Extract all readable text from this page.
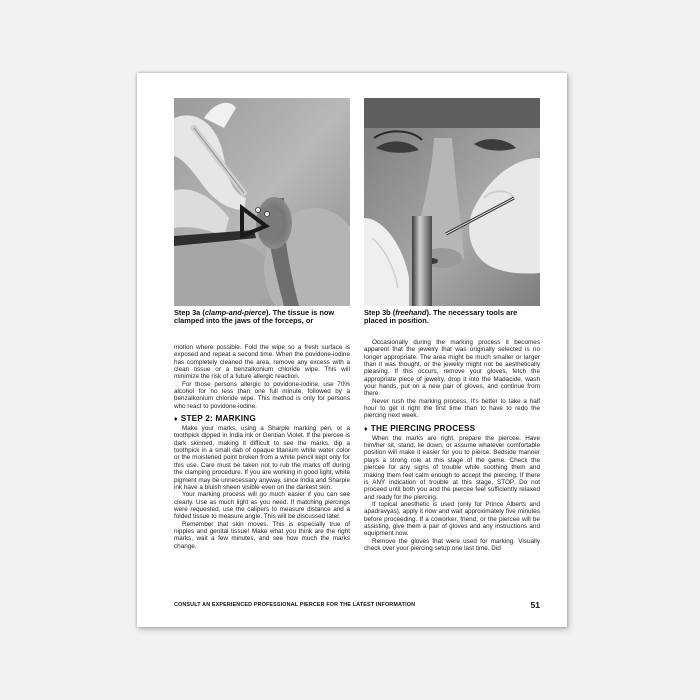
Step 3a (clamp-and-pierce). The tissue is now clamped into the jaws of the forceps, or
Step 3b (freehand). The necessary tools are placed in position.

motion where possible. Fold the wipe so a fresh surface is exposed and repeat a second time. When the povidone-iodine has completely cleaned the area, remove any excess with a clean tissue or a benzalkonium chloride wipe. This will minimize the risk of a future allergic reaction.

For those persons allergic to povidone-iodine, use 70% alcohol for no less than one full minute, followed by a benzalkonium chloride wipe. This method is only for persons who react to povidone-iodine.

♦ STEP 2: MARKING

Make your marks, using a Sharpie marking pen, or a toothpick dipped in India ink or Gentian Violet. If the piercee is dark skinned, making it difficult to see the marks, dip a toothpick in a small dab of opaque titanium white water color or the moistened point broken from a white pencil kept only for this use. Care must be taken not to rub the marks off during the clamping procedure. If you are working in good light, white pigment may be unnecessary anyway, since India and Sharpie ink have a bluish sheen visible even on the darkest skin.

Your marking process will go much easier if you can see clearly. Use as much light as you need. If matching piercings were requested, use the calipers to measure distance and a folded tissue to measure angle. This will be discussed later.

Remember that skin moves. This is especially true of nipples and genital tissue! Make what you think are the right marks, wait a few minutes, and see how much the marks change.

Occasionally during the marking process it becomes apparent that the jewelry that was originally selected is no longer appropriate. The area might be much smaller or larger than it was thought, or the jewelry might not be aesthetically pleasing. If this occurs, remove your gloves, fetch the appropriate piece of jewelry, drop it into the Madacide, wash your hands, put on a new pair of gloves, and continue from there.

Never rush the marking process. It's better to take a half hour to get it right the first time than to have to redo the piercing next week.

♦ THE PIERCING PROCESS

When the marks are right, prepare the piercee. Have him/her sit, stand, lie down, or assume whatever comfortable position will make it easier for you to pierce. Bedside manner plays a strong role at this stage of the game. Check the piercee for any signs of trouble while soothing them and making them feel calm enough to accept the piercing. If there is ANY indication of trouble at this stage, STOP. Do not proceed until both you and the piercee feel sufficiently relaxed and ready for the piercing.

If topical anesthetic is used (only for Prince Alberts and apadravyas), apply it now and wait approximately five minutes before proceeding. If a coworker, friend, or the piercee will be assisting, give them a pair of gloves and any instructions and equipment now.

Remove the gloves that were used for marking. Visually check over your piercing setup one last time. Did

CONSULT AN EXPERIENCED PROFESSIONAL PIERCER FOR THE LATEST INFORMATION	51
